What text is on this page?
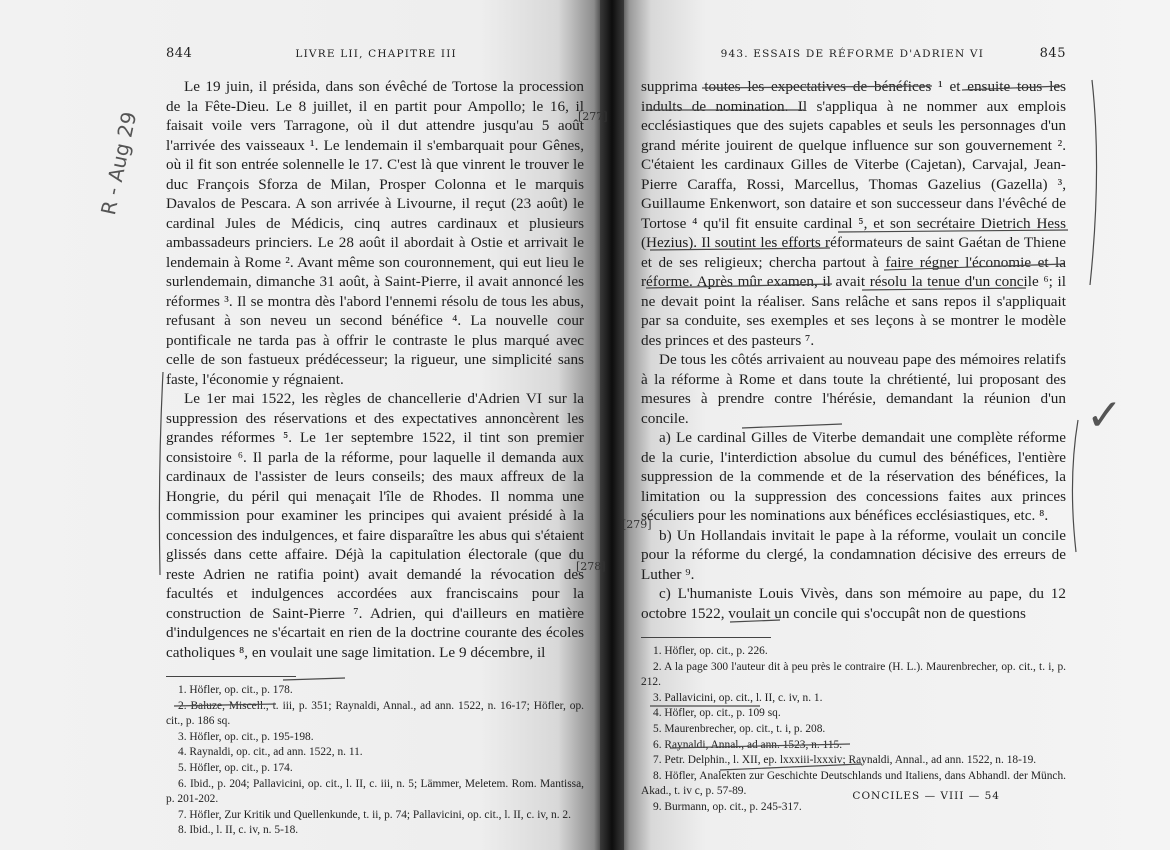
844	LIVRE LII, CHAPITRE III

Le 19 juin, il présida, dans son évêché de Tortose la procession de la Fête-Dieu. Le 8 juillet, il en partit pour Ampollo; le 16, il faisait voile vers Tarragone, où il dut attendre jusqu'au 5 août l'arrivée des vaisseaux ¹. Le lendemain il s'embarquait pour Gênes, où il fit son entrée solennelle le 17. C'est là que vinrent le trouver le duc François Sforza de Milan, Prosper Colonna et le marquis Davalos de Pescara. A son arrivée à Livourne, il reçut (23 août) le cardinal Jules de Médicis, cinq autres cardinaux et plusieurs ambassadeurs princiers. Le 28 août il abordait à Ostie et arrivait le lendemain à Rome ². Avant même son couronnement, qui eut lieu le surlendemain, dimanche 31 août, à Saint-Pierre, il avait annoncé les réformes ³. Il se montra dès l'abord l'ennemi résolu de tous les abus, refusant à son neveu un second bénéfice ⁴. La nouvelle cour pontificale ne tarda pas à offrir le contraste le plus marqué avec celle de son fastueux prédécesseur; la rigueur, une simplicité sans faste, l'économie y régnaient.

Le 1er mai 1522, les règles de chancellerie d'Adrien VI sur la suppression des réservations et des expectatives annoncèrent les grandes réformes ⁵. Le 1er septembre 1522, il tint son premier consistoire ⁶. Il parla de la réforme, pour laquelle il demanda aux cardinaux de l'assister de leurs conseils; des maux affreux de la Hongrie, du péril qui menaçait l'île de Rhodes. Il nomma une commission pour examiner les principes qui avaient présidé à la concession des indulgences, et faire disparaître les abus qui s'étaient glissés dans cette affaire. Déjà la capitulation électorale (que du reste Adrien ne ratifia point) avait demandé la révocation des facultés et indulgences accordées aux franciscains pour la construction de Saint-Pierre ⁷. Adrien, qui d'ailleurs en matière d'indulgences ne s'écartait en rien de la doctrine courante des écoles catholiques ⁸, en voulait une sage limitation. Le 9 décembre, il

1. Höfler, op. cit., p. 178.
2. Baluze, Miscell., t. iii, p. 351; Raynaldi, Annal., ad ann. 1522, n. 16-17; Höfler, op. cit., p. 186 sq.
3. Höfler, op. cit., p. 195-198.
4. Raynaldi, op. cit., ad ann. 1522, n. 11.
5. Höfler, op. cit., p. 174.
6. Ibid., p. 204; Pallavicini, op. cit., l. II, c. iii, n. 5; Lämmer, Meletem. Rom. Mantissa, p. 201-202.
7. Höfler, Zur Kritik und Quellenkunde, t. ii, p. 74; Pallavicini, op. cit., l. II, c. iv, n. 2.
8. Ibid., l. II, c. iv, n. 5-18.
943. ESSAIS DE RÉFORME D'ADRIEN VI	845

supprima toutes les expectatives de bénéfices ¹ et ensuite tous les indults de nomination. Il s'appliqua à ne nommer aux emplois ecclésiastiques que des sujets capables et seuls les personnages d'un grand mérite jouirent de quelque influence sur son gouvernement ². C'étaient les cardinaux Gilles de Viterbe (Cajetan), Carvajal, Jean-Pierre Caraffa, Rossi, Marcellus, Thomas Gazelius (Gazella) ³, Guillaume Enkenwort, son dataire et son successeur dans l'évêché de Tortose ⁴ qu'il fit ensuite cardinal ⁵, et son secrétaire Dietrich Hess (Hezius). Il soutint les efforts réformateurs de saint Gaétan de Thiene et de ses religieux; chercha partout à faire régner l'économie et la réforme. Après mûr examen, il avait résolu la tenue d'un concile ⁶; il ne devait point la réaliser. Sans relâche et sans repos il s'appliquait par sa conduite, ses exemples et ses leçons à se montrer le modèle des princes et des pasteurs ⁷.

De tous les côtés arrivaient au nouveau pape des mémoires relatifs à la réforme à Rome et dans toute la chrétienté, lui proposant des mesures à prendre contre l'hérésie, demandant la réunion d'un concile.

a) Le cardinal Gilles de Viterbe demandait une complète réforme de la curie, l'interdiction absolue du cumul des bénéfices, l'entière suppression de la commende et de la réservation des bénéfices, la limitation ou la suppression des concessions faites aux princes séculiers pour les nominations aux bénéfices ecclésiastiques, etc. ⁸.

b) Un Hollandais invitait le pape à la réforme, voulait un concile pour la réforme du clergé, la condamnation décisive des erreurs de Luther ⁹.

c) L'humaniste Louis Vivès, dans son mémoire au pape, du 12 octobre 1522, voulait un concile qui s'occupât non de questions

1. Höfler, op. cit., p. 226.
2. A la page 300 l'auteur dit à peu près le contraire (H. L.). Maurenbrecher, op. cit., t. i, p. 212.
3. Pallavicini, op. cit., l. II, c. iv, n. 1.
4. Höfler, op. cit., p. 109 sq.
5. Maurenbrecher, op. cit., t. i, p. 208.
6. Raynaldi, Annal., ad ann. 1523, n. 115.
7. Petr. Delphin., l. XII, ep. lxxxiii-lxxxiv; Raynaldi, Annal., ad ann. 1522, n. 18-19.
8. Höfler, Analekten zur Geschichte Deutschlands und Italiens, dans Abhandl. der Münch. Akad., t. iv c, p. 57-89.
9. Burmann, op. cit., p. 245-317.
CONCILES — VIII — 54
[277]
[278]
[279]
R - Aug 29
✓
